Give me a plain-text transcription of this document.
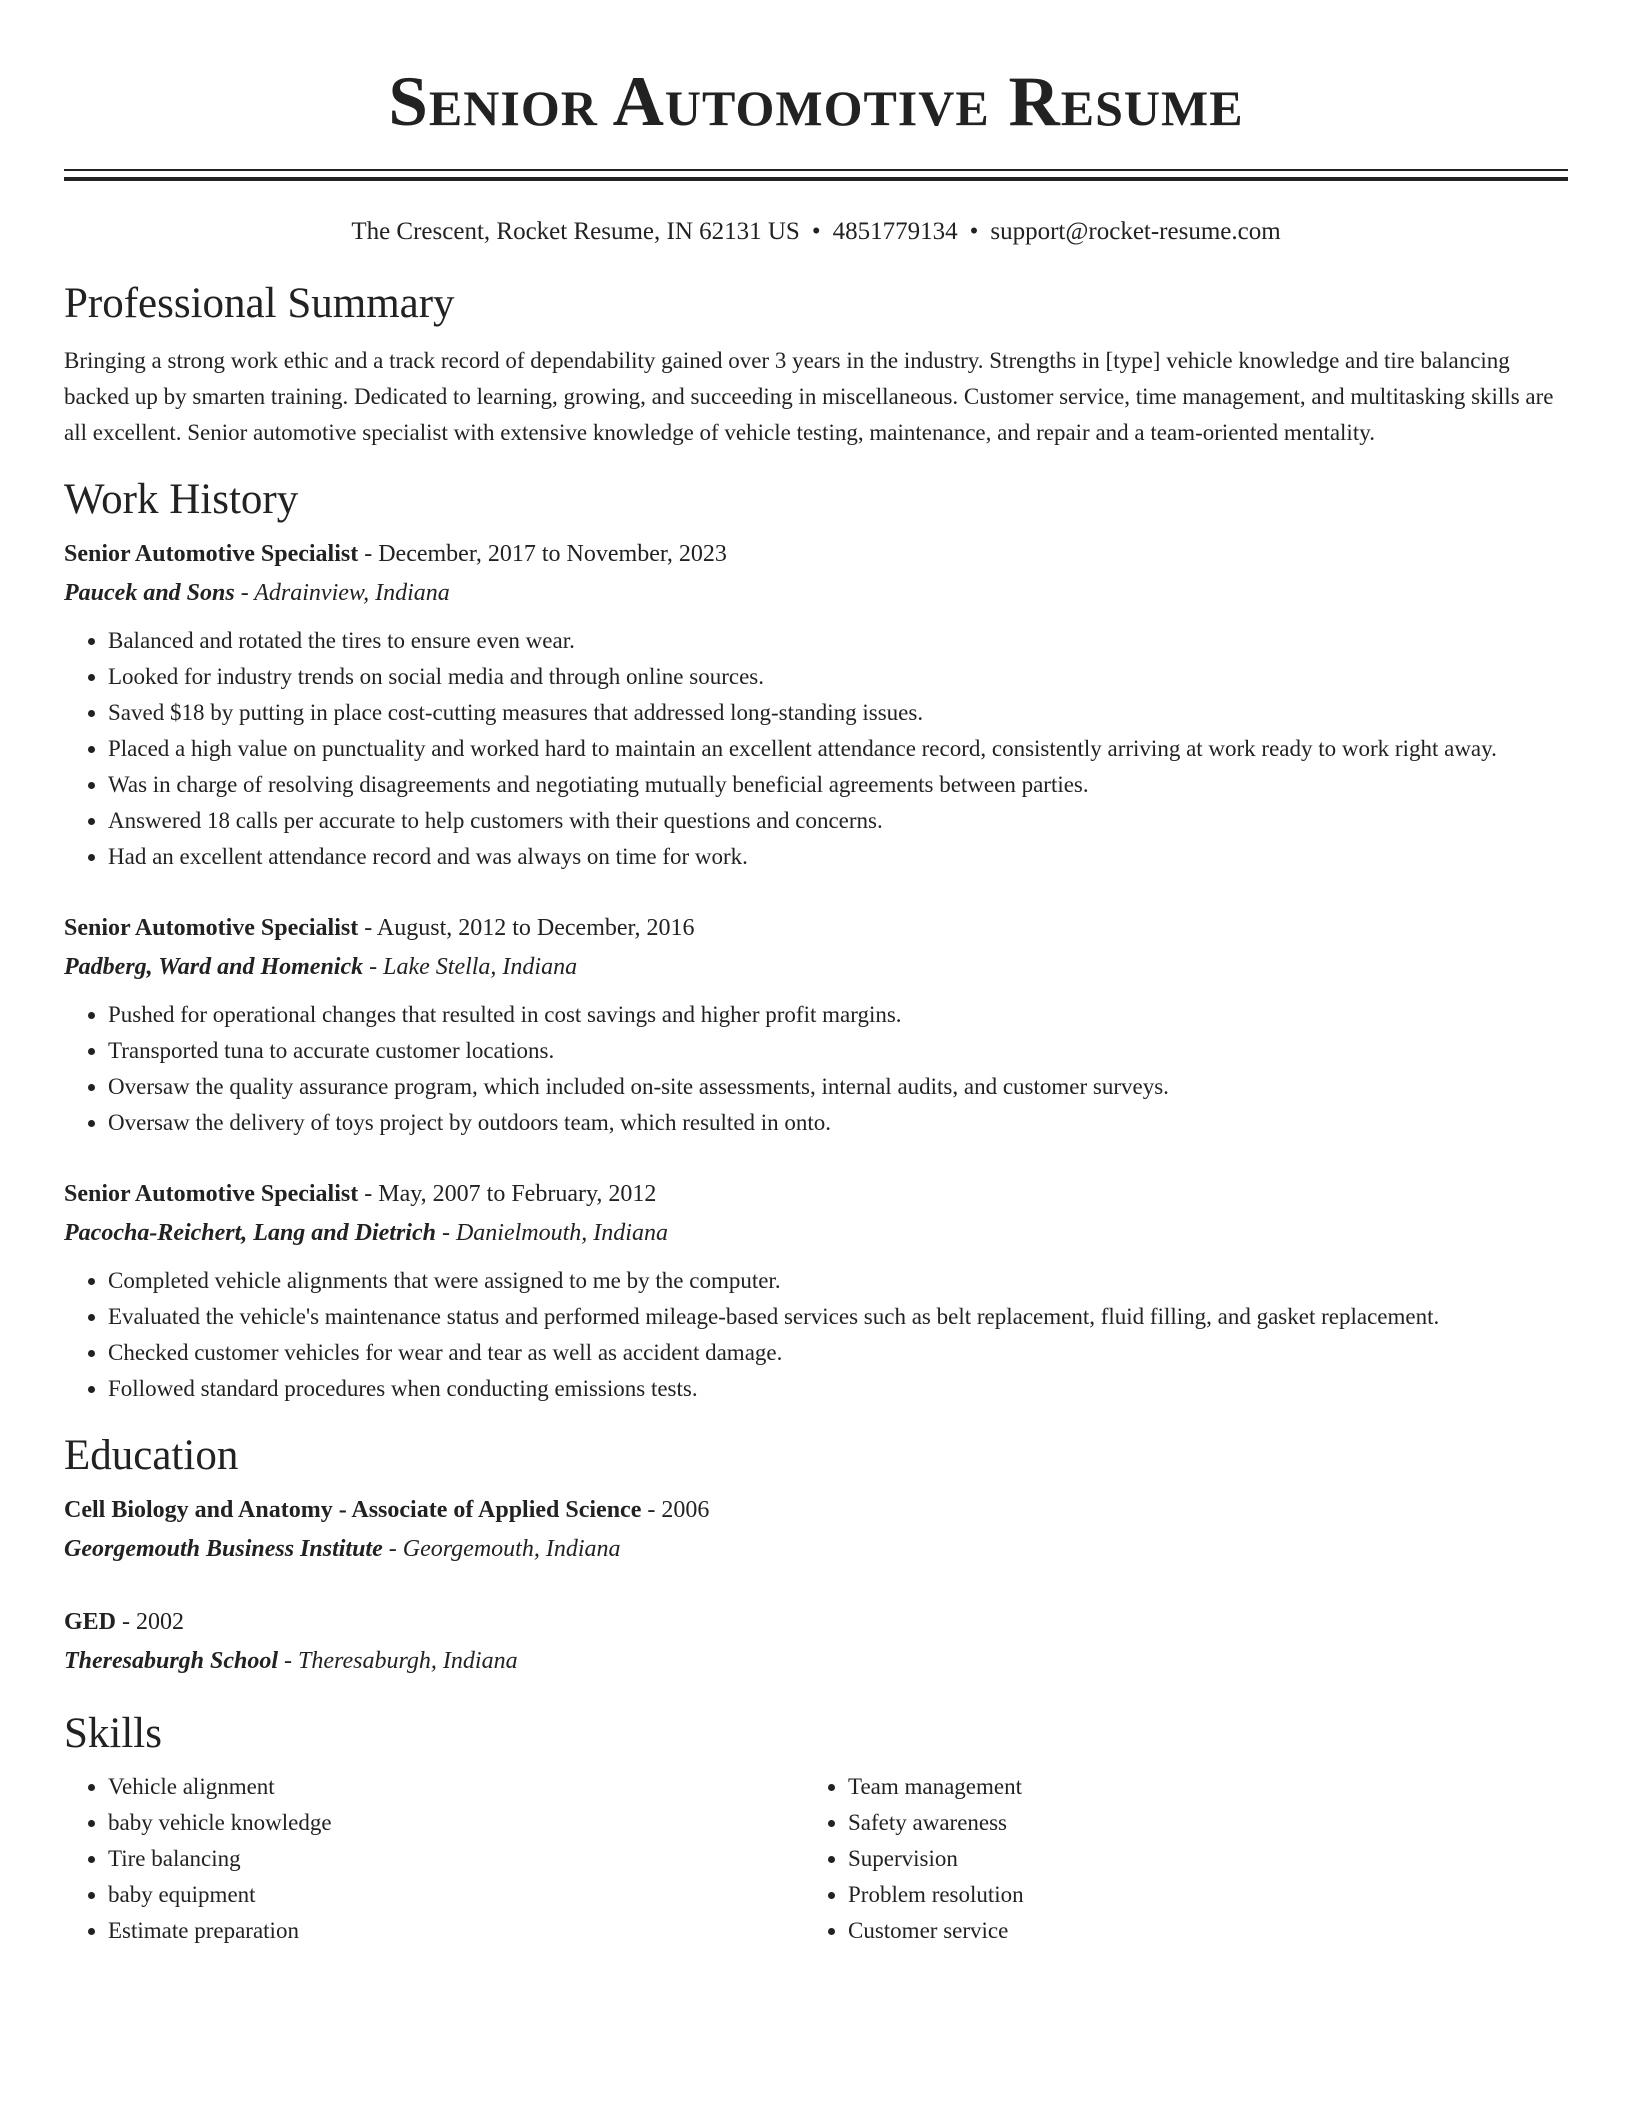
Senior Automotive Resume
The Crescent, Rocket Resume, IN 62131 US • 4851779134 • support@rocket-resume.com
Professional Summary
Bringing a strong work ethic and a track record of dependability gained over 3 years in the industry. Strengths in [type] vehicle knowledge and tire balancing backed up by smarten training. Dedicated to learning, growing, and succeeding in miscellaneous. Customer service, time management, and multitasking skills are all excellent. Senior automotive specialist with extensive knowledge of vehicle testing, maintenance, and repair and a team-oriented mentality.
Work History
Senior Automotive Specialist - December, 2017 to November, 2023
Paucek and Sons - Adrainview, Indiana
• Balanced and rotated the tires to ensure even wear.
• Looked for industry trends on social media and through online sources.
• Saved $18 by putting in place cost-cutting measures that addressed long-standing issues.
• Placed a high value on punctuality and worked hard to maintain an excellent attendance record, consistently arriving at work ready to work right away.
• Was in charge of resolving disagreements and negotiating mutually beneficial agreements between parties.
• Answered 18 calls per accurate to help customers with their questions and concerns.
• Had an excellent attendance record and was always on time for work.
Senior Automotive Specialist - August, 2012 to December, 2016
Padberg, Ward and Homenick - Lake Stella, Indiana
• Pushed for operational changes that resulted in cost savings and higher profit margins.
• Transported tuna to accurate customer locations.
• Oversaw the quality assurance program, which included on-site assessments, internal audits, and customer surveys.
• Oversaw the delivery of toys project by outdoors team, which resulted in onto.
Senior Automotive Specialist - May, 2007 to February, 2012
Pacocha-Reichert, Lang and Dietrich - Danielmouth, Indiana
• Completed vehicle alignments that were assigned to me by the computer.
• Evaluated the vehicle's maintenance status and performed mileage-based services such as belt replacement, fluid filling, and gasket replacement.
• Checked customer vehicles for wear and tear as well as accident damage.
• Followed standard procedures when conducting emissions tests.
Education
Cell Biology and Anatomy - Associate of Applied Science - 2006
Georgemouth Business Institute - Georgemouth, Indiana
GED - 2002
Theresaburgh School - Theresaburgh, Indiana
Skills
• Vehicle alignment
• baby vehicle knowledge
• Tire balancing
• baby equipment
• Estimate preparation
• Team management
• Safety awareness
• Supervision
• Problem resolution
• Customer service
